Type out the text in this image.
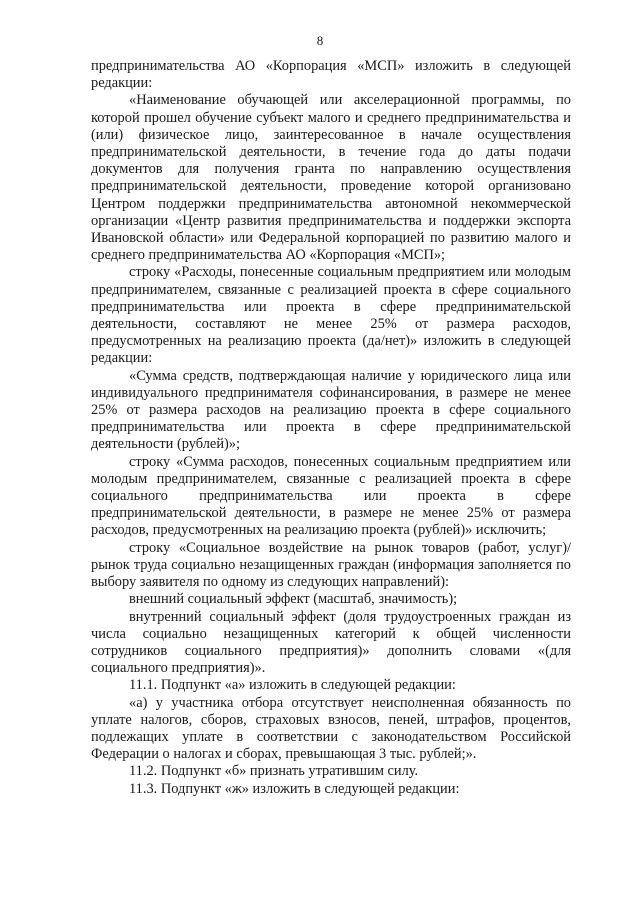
8

предпринимательства АО «Корпорация «МСП» изложить в следующей редакции:

«Наименование обучающей или акселерационной программы, по которой прошел обучение субъект малого и среднего предпринимательства и (или) физическое лицо, заинтересованное в начале осуществления предпринимательской деятельности, в течение года до даты подачи документов для получения гранта по направлению осуществления предпринимательской деятельности, проведение которой организовано Центром поддержки предпринимательства автономной некоммерческой организации «Центр развития предпринимательства и поддержки экспорта Ивановской области» или Федеральной корпорацией по развитию малого и среднего предпринимательства АО «Корпорация «МСП»;

строку «Расходы, понесенные социальным предприятием или молодым предпринимателем, связанные с реализацией проекта в сфере социального предпринимательства или проекта в сфере предпринимательской деятельности, составляют не менее 25% от размера расходов, предусмотренных на реализацию проекта (да/нет)» изложить в следующей редакции:

«Сумма средств, подтверждающая наличие у юридического лица или индивидуального предпринимателя софинансирования, в размере не менее 25% от размера расходов на реализацию проекта в сфере социального предпринимательства или проекта в сфере предпринимательской деятельности (рублей)»;

строку «Сумма расходов, понесенных социальным предприятием или молодым предпринимателем, связанные с реализацией проекта в сфере социального предпринимательства или проекта в сфере предпринимательской деятельности, в размере не менее 25% от размера расходов, предусмотренных на реализацию проекта (рублей)» исключить;

строку «Социальное воздействие на рынок товаров (работ, услуг)/рынок труда социально незащищенных граждан (информация заполняется по выбору заявителя по одному из следующих направлений):

внешний социальный эффект (масштаб, значимость);

внутренний социальный эффект (доля трудоустроенных граждан из числа социально незащищенных категорий к общей численности сотрудников социального предприятия)» дополнить словами «(для социального предприятия)».

11.1. Подпункт «а» изложить в следующей редакции:

«а) у участника отбора отсутствует неисполненная обязанность по уплате налогов, сборов, страховых взносов, пеней, штрафов, процентов, подлежащих уплате в соответствии с законодательством Российской Федерации о налогах и сборах, превышающая 3 тыс. рублей;».

11.2. Подпункт «б» признать утратившим силу.

11.3. Подпункт «ж» изложить в следующей редакции:
